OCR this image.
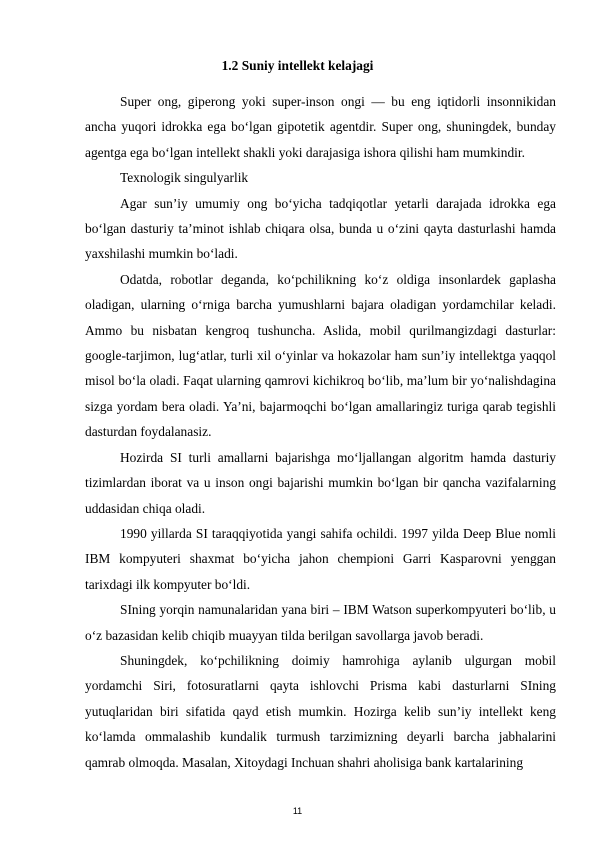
1.2 Suniy intellekt kelajagi

Super ong, giperong yoki super-inson ongi — bu eng iqtidorli insonnikidan ancha yuqori idrokka ega bo‘lgan gipotetik agentdir. Super ong, shuningdek, bunday agentga ega bo‘lgan intellekt shakli yoki darajasiga ishora qilishi ham mumkindir.

Texnologik singulyarlik

Agar sun’iy umumiy ong bo‘yicha tadqiqotlar yetarli darajada idrokka ega bo‘lgan dasturiy ta’minot ishlab chiqara olsa, bunda u o‘zini qayta dasturlashi hamda yaxshilashi mumkin bo‘ladi.

Odatda, robotlar deganda, ko‘pchilikning ko‘z oldiga insonlardek gaplasha oladigan, ularning o‘rniga barcha yumushlarni bajara oladigan yordamchilar keladi. Ammo bu nisbatan kengroq tushuncha. Aslida, mobil qurilmangizdagi dasturlar: google-tarjimon, lug‘atlar, turli xil o‘yinlar va hokazolar ham sun’iy intellektga yaqqol misol bo‘la oladi. Faqat ularning qamrovi kichikroq bo‘lib, ma’lum bir yo‘nalishdagina sizga yordam bera oladi. Ya’ni, bajarmoqchi bo‘lgan amallaringiz turiga qarab tegishli dasturdan foydalanasiz.

Hozirda SI turli amallarni bajarishga mo‘ljallangan algoritm hamda dasturiy tizimlardan iborat va u inson ongi bajarishi mumkin bo‘lgan bir qancha vazifalarning uddasidan chiqa oladi.

1990 yillarda SI taraqqiyotida yangi sahifa ochildi. 1997 yilda Deep Blue nomli IBM kompyuteri shaxmat bo‘yicha jahon chempioni Garri Kasparovni yenggan tarixdagi ilk kompyuter bo‘ldi.

SIning yorqin namunalaridan yana biri – IBM Watson superkompyuteri bo‘lib, u o‘z bazasidan kelib chiqib muayyan tilda berilgan savollarga javob beradi.

Shuningdek, ko‘pchilikning doimiy hamrohiga aylanib ulgurgan mobil yordamchi Siri, fotosuratlarni qayta ishlovchi Prisma kabi dasturlarni SIning yutuqlaridan biri sifatida qayd etish mumkin. Hozirga kelib sun’iy intellekt keng ko‘lamda ommalashib kundalik turmush tarzimizning deyarli barcha jabhalarini qamrab olmoqda. Masalan, Xitoydagi Inchuan shahri aholisiga bank kartalarining

11
